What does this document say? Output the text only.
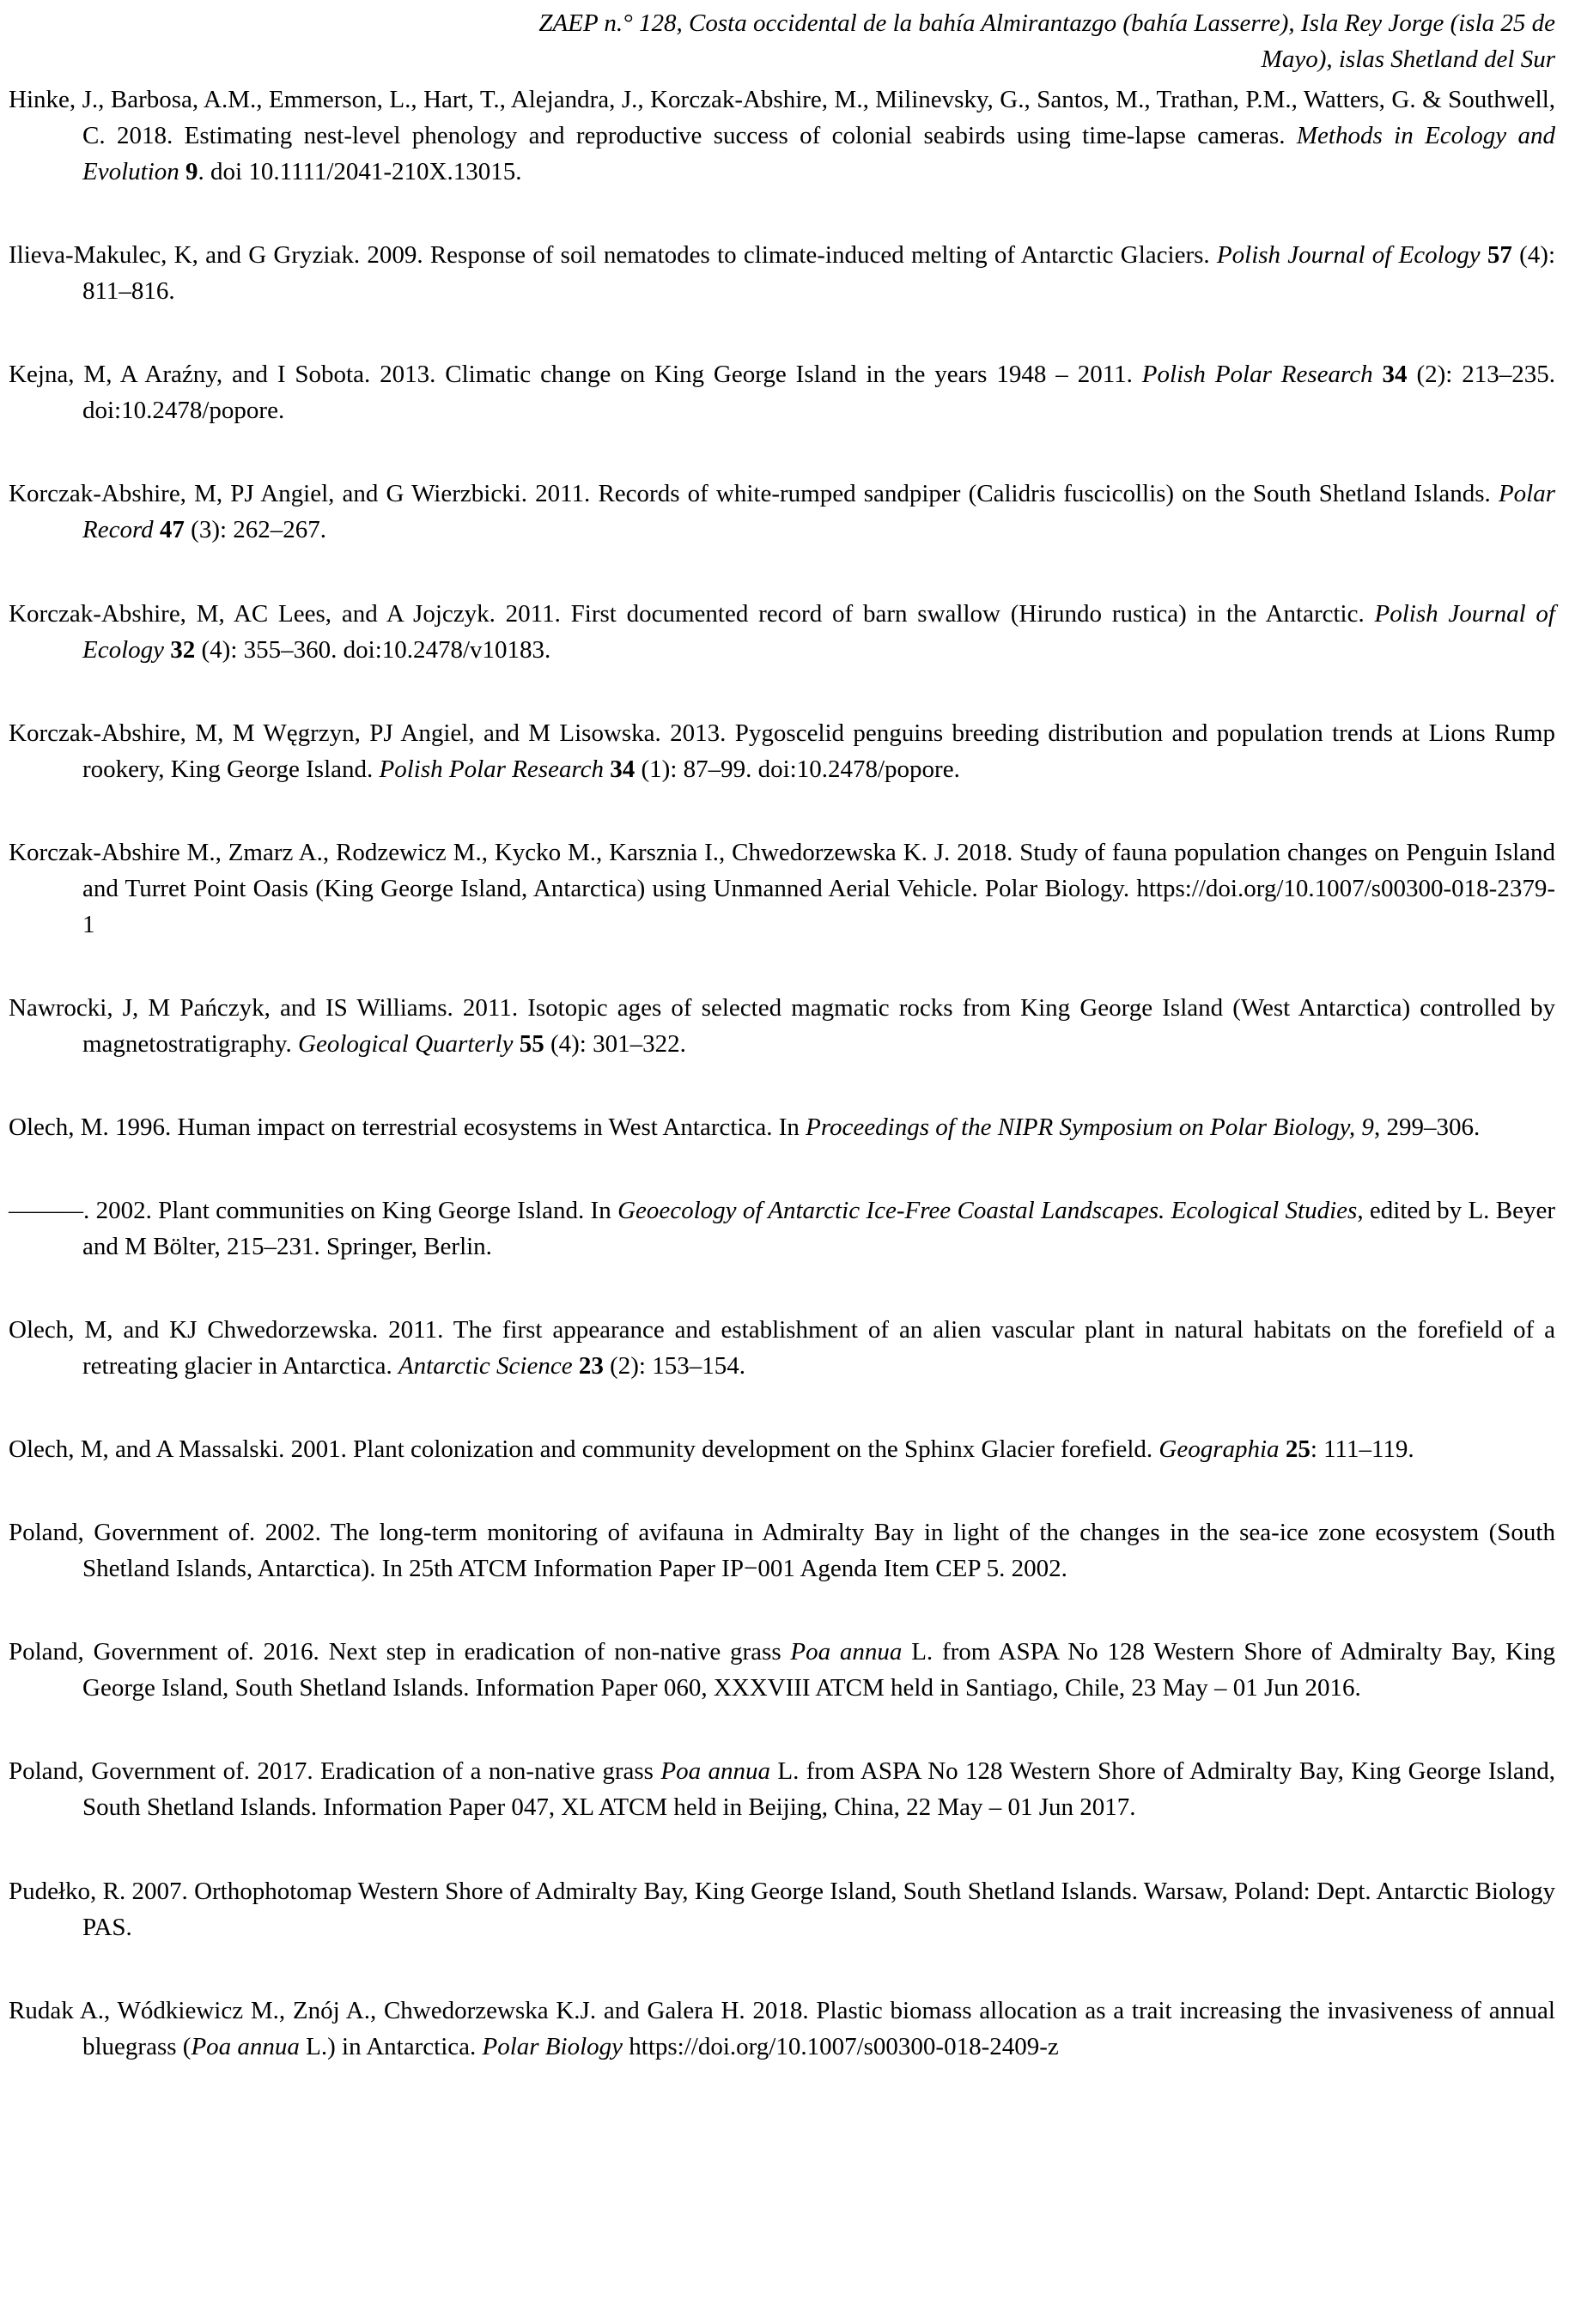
ZAEP n.° 128, Costa occidental de la bahía Almirantazgo (bahía Lasserre), Isla Rey Jorge (isla 25 de
Mayo), islas Shetland del Sur

Hinke, J., Barbosa, A.M., Emmerson, L., Hart, T., Alejandra, J., Korczak-Abshire, M., Milinevsky, G., Santos, M., Trathan, P.M., Watters, G. & Southwell, C. 2018. Estimating nest-level phenology and reproductive success of colonial seabirds using time-lapse cameras. Methods in Ecology and Evolution 9. doi 10.1111/2041-210X.13015.

Ilieva-Makulec, K, and G Gryziak. 2009. Response of soil nematodes to climate-induced melting of Antarctic Glaciers. Polish Journal of Ecology 57 (4): 811–816.

Kejna, M, A Araźny, and I Sobota. 2013. Climatic change on King George Island in the years 1948 – 2011. Polish Polar Research 34 (2): 213–235. doi:10.2478/popore.

Korczak-Abshire, M, PJ Angiel, and G Wierzbicki. 2011. Records of white-rumped sandpiper (Calidris fuscicollis) on the South Shetland Islands. Polar Record 47 (3): 262–267.

Korczak-Abshire, M, AC Lees, and A Jojczyk. 2011. First documented record of barn swallow (Hirundo rustica) in the Antarctic. Polish Journal of Ecology 32 (4): 355–360. doi:10.2478/v10183.

Korczak-Abshire, M, M Węgrzyn, PJ Angiel, and M Lisowska. 2013. Pygoscelid penguins breeding distribution and population trends at Lions Rump rookery, King George Island. Polish Polar Research 34 (1): 87–99. doi:10.2478/popore.

Korczak-Abshire M., Zmarz A., Rodzewicz M., Kycko M., Karsznia I., Chwedorzewska K. J. 2018. Study of fauna population changes on Penguin Island and Turret Point Oasis (King George Island, Antarctica) using Unmanned Aerial Vehicle. Polar Biology. https://doi.org/10.1007/s00300-018-2379-1

Nawrocki, J, M Pańczyk, and IS Williams. 2011. Isotopic ages of selected magmatic rocks from King George Island (West Antarctica) controlled by magnetostratigraphy. Geological Quarterly 55 (4): 301–322.

Olech, M. 1996. Human impact on terrestrial ecosystems in West Antarctica. In Proceedings of the NIPR Symposium on Polar Biology, 9, 299–306.

———. 2002. Plant communities on King George Island. In Geoecology of Antarctic Ice-Free Coastal Landscapes. Ecological Studies, edited by L. Beyer and M Bölter, 215–231. Springer, Berlin.

Olech, M, and KJ Chwedorzewska. 2011. The first appearance and establishment of an alien vascular plant in natural habitats on the forefield of a retreating glacier in Antarctica. Antarctic Science 23 (2): 153–154.

Olech, M, and A Massalski. 2001. Plant colonization and community development on the Sphinx Glacier forefield. Geographia 25: 111–119.

Poland, Government of. 2002. The long-term monitoring of avifauna in Admiralty Bay in light of the changes in the sea-ice zone ecosystem (South Shetland Islands, Antarctica). In 25th ATCM Information Paper IP−001 Agenda Item CEP 5. 2002.

Poland, Government of. 2016. Next step in eradication of non-native grass Poa annua L. from ASPA No 128 Western Shore of Admiralty Bay, King George Island, South Shetland Islands. Information Paper 060, XXXVIII ATCM held in Santiago, Chile, 23 May – 01 Jun 2016.

Poland, Government of. 2017. Eradication of a non-native grass Poa annua L. from ASPA No 128 Western Shore of Admiralty Bay, King George Island, South Shetland Islands. Information Paper 047, XL ATCM held in Beijing, China, 22 May – 01 Jun 2017.

Pudełko, R. 2007. Orthophotomap Western Shore of Admiralty Bay, King George Island, South Shetland Islands. Warsaw, Poland: Dept. Antarctic Biology PAS.

Rudak A., Wódkiewicz M., Znój A., Chwedorzewska K.J. and Galera H. 2018. Plastic biomass allocation as a trait increasing the invasiveness of annual bluegrass (Poa annua L.) in Antarctica. Polar Biology https://doi.org/10.1007/s00300-018-2409-z
